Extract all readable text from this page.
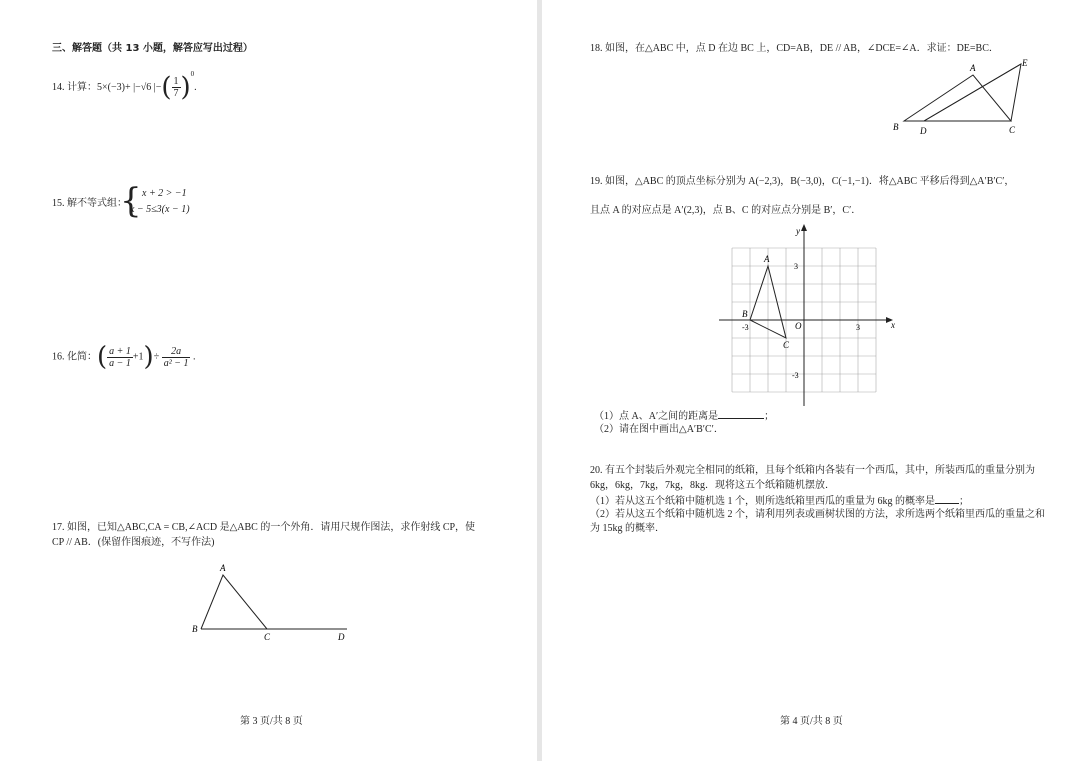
三、解答题（共 13 小题，解答应写出过程）
14. 计算：5×(−3)+ |−√6 |−( $\frac{1}{7} )^0$.
15. 解不等式组：
{ x + 2 > −1
x − 5≤3(x − 1)
16. 化简：( $\frac{a + 1}{a - 1} +1)\div \frac{2a}{\text{a² − 1}}$ .
17. 如图，已知△ABC,CA = CB,∠ACD 是△ABC 的一个外角．请用尺规作图法，求作射线 CP，使
CP // AB．(保留作图痕迹，不写作法)
A
B
C	D
第 3 页/共 8 页
18. 如图，在△ABC 中，点 D 在边 BC 上，CD=AB，DE // AB，∠DCE=∠A．求证：DE=BC．
A
B D	C
E
19. 如图，△ABC 的顶点坐标分别为 A(−2,3)，B(−3,0)，C(−1,−1)．将△ABC 平移后得到△A′B′C′，
且点 A 的对应点是 A′(2,3)，点 B、C 的对应点分别是 B′，C′．
y
x
O
-3	3
3
-3
A
B
C
（1）点 A、A′之间的距离是	；
（2）请在图中画出△A′B′C′．
20. 有五个封装后外观完全相同的纸箱，且每个纸箱内各装有一个西瓜，其中，所装西瓜的重量分别为
6kg，6kg，7kg，7kg，8kg．现将这五个纸箱随机摆放．
（1）若从这五个纸箱中随机选 1 个，则所选纸箱里西瓜的重量为 6kg 的概率是 ；
（2）若从这五个纸箱中随机选 2 个，请利用列表或画树状图的方法，求所选两个纸箱里西瓜的重量之和
为 15kg 的概率．
第 4 页/共 8 页
